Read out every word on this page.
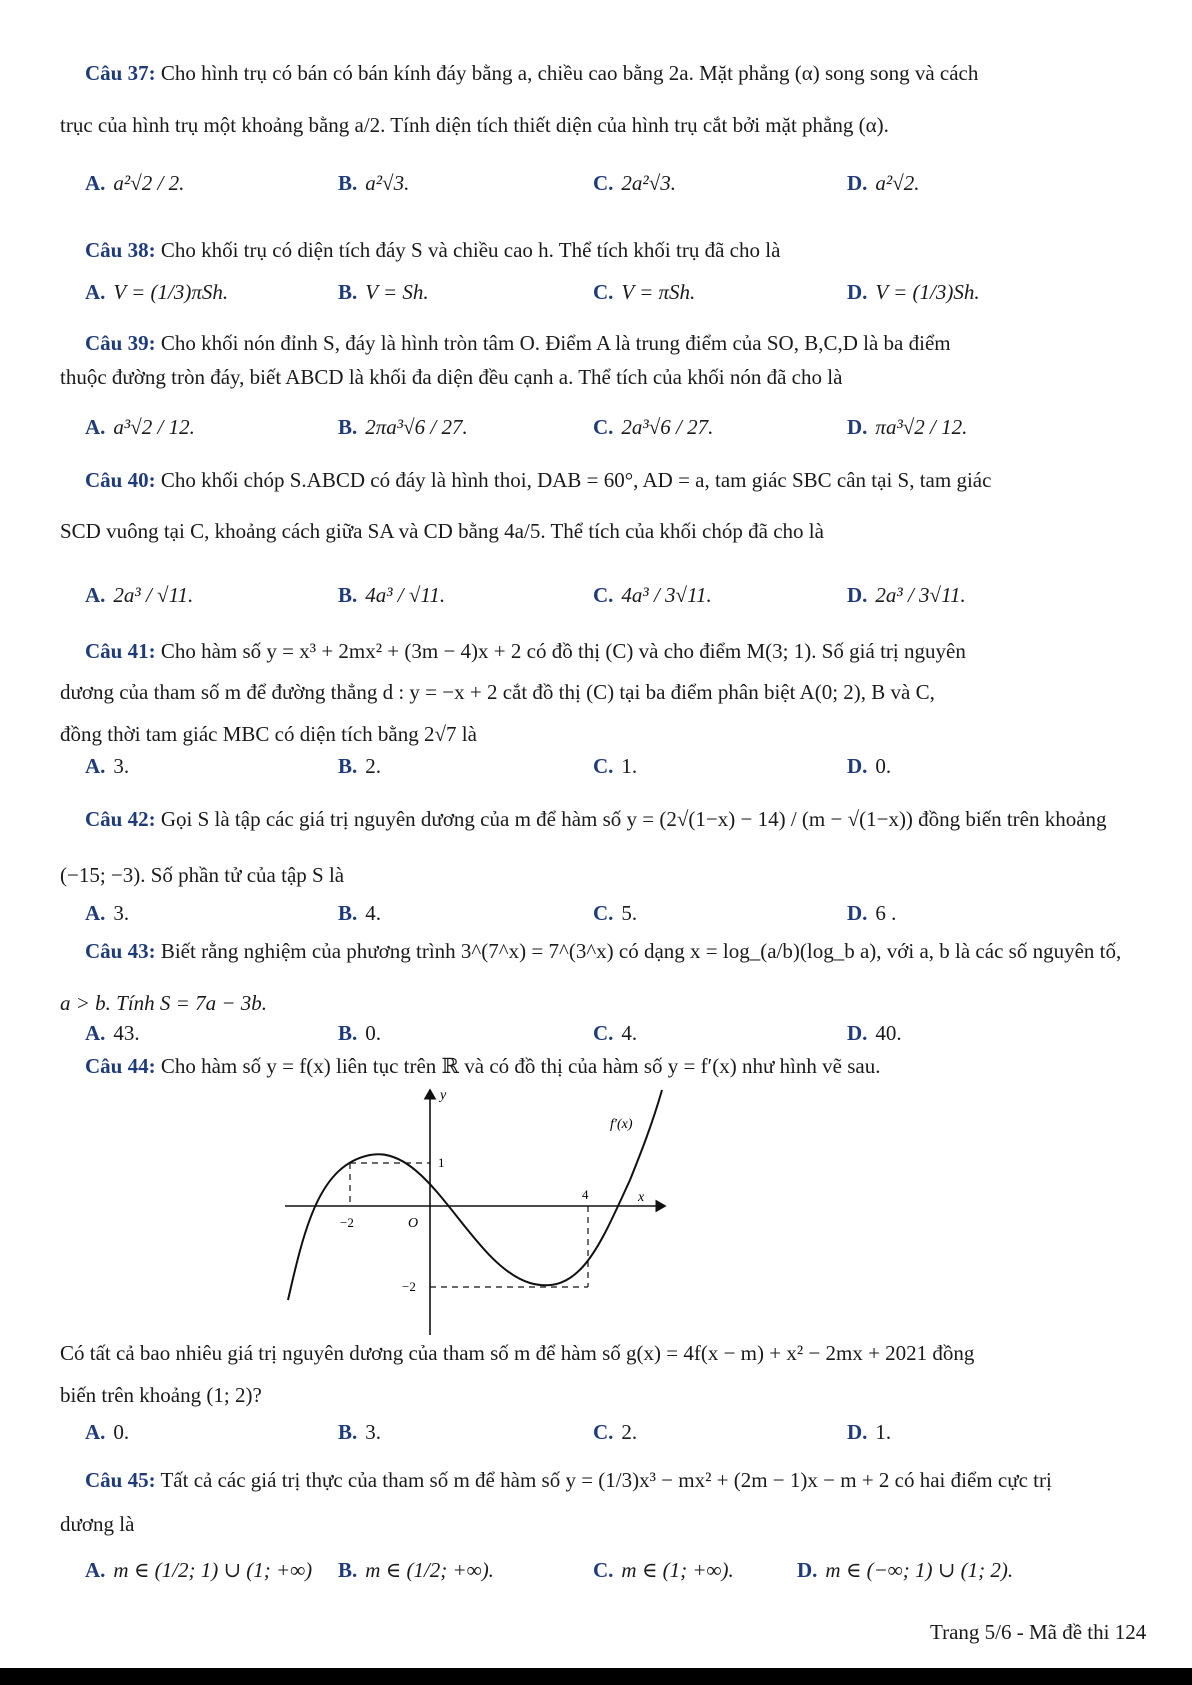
Câu 37: Cho hình trụ có bán có bán kính đáy bằng a, chiều cao bằng 2a. Mặt phẳng (α) song song và cách
trục của hình trụ một khoảng bằng a/2. Tính diện tích thiết diện của hình trụ cắt bởi mặt phẳng (α).
A. a²√2 / 2.	B. a²√3.	C. 2a²√3.	D. a²√2.
Câu 38: Cho khối trụ có diện tích đáy S và chiều cao h. Thể tích khối trụ đã cho là
A. V = (1/3)πSh.	B. V = Sh.	C. V = πSh.	D. V = (1/3)Sh.
Câu 39: Cho khối nón đỉnh S, đáy là hình tròn tâm O. Điểm A là trung điểm của SO, B,C,D là ba điểm
thuộc đường tròn đáy, biết ABCD là khối đa diện đều cạnh a. Thể tích của khối nón đã cho là
A. a³√2 / 12.	B. 2πa³√6 / 27.	C. 2a³√6 / 27.	D. πa³√2 / 12.
Câu 40: Cho khối chóp S.ABCD có đáy là hình thoi, DAB = 60°, AD = a, tam giác SBC cân tại S, tam giác
SCD vuông tại C, khoảng cách giữa SA và CD bằng 4a/5. Thể tích của khối chóp đã cho là
A. 2a³ / √11.	B. 4a³ / √11.	C. 4a³ / 3√11.	D. 2a³ / 3√11.
Câu 41: Cho hàm số y = x³ + 2mx² + (3m − 4)x + 2 có đồ thị (C) và cho điểm M(3; 1). Số giá trị nguyên
dương của tham số m để đường thẳng d : y = −x + 2 cắt đồ thị (C) tại ba điểm phân biệt A(0; 2), B và C,
đồng thời tam giác MBC có diện tích bằng 2√7 là
A. 3.	B. 2.	C. 1.	D. 0.
Câu 42: Gọi S là tập các giá trị nguyên dương của m để hàm số y = (2√(1−x) − 14) / (m − √(1−x)) đồng biến trên khoảng
(−15; −3). Số phần tử của tập S là
A. 3.	B. 4.	C. 5.	D. 6 .
Câu 43: Biết rằng nghiệm của phương trình 3^(7^x) = 7^(3^x) có dạng x = log_(a/b)(log_b a), với a, b là các số nguyên tố,
a > b. Tính S = 7a − 3b.
A. 43.	B. 0.	C. 4.	D. 40.
Câu 44: Cho hàm số y = f(x) liên tục trên ℝ và có đồ thị của hàm số y = f′(x) như hình vẽ sau.
y
x
f′(x)
O
−2
4
1
−2
Có tất cả bao nhiêu giá trị nguyên dương của tham số m để hàm số g(x) = 4f(x − m) + x² − 2mx + 2021 đồng
biến trên khoảng (1; 2)?
A. 0.	B. 3.	C. 2.	D. 1.
Câu 45: Tất cả các giá trị thực của tham số m để hàm số y = (1/3)x³ − mx² + (2m − 1)x − m + 2 có hai điểm cực trị
dương là
A. m ∈ (1/2; 1) ∪ (1; +∞) B. m ∈ (1/2; +∞).	C. m ∈ (1; +∞).	D. m ∈ (−∞; 1) ∪ (1; 2).
Trang 5/6 - Mã đề thi 124
